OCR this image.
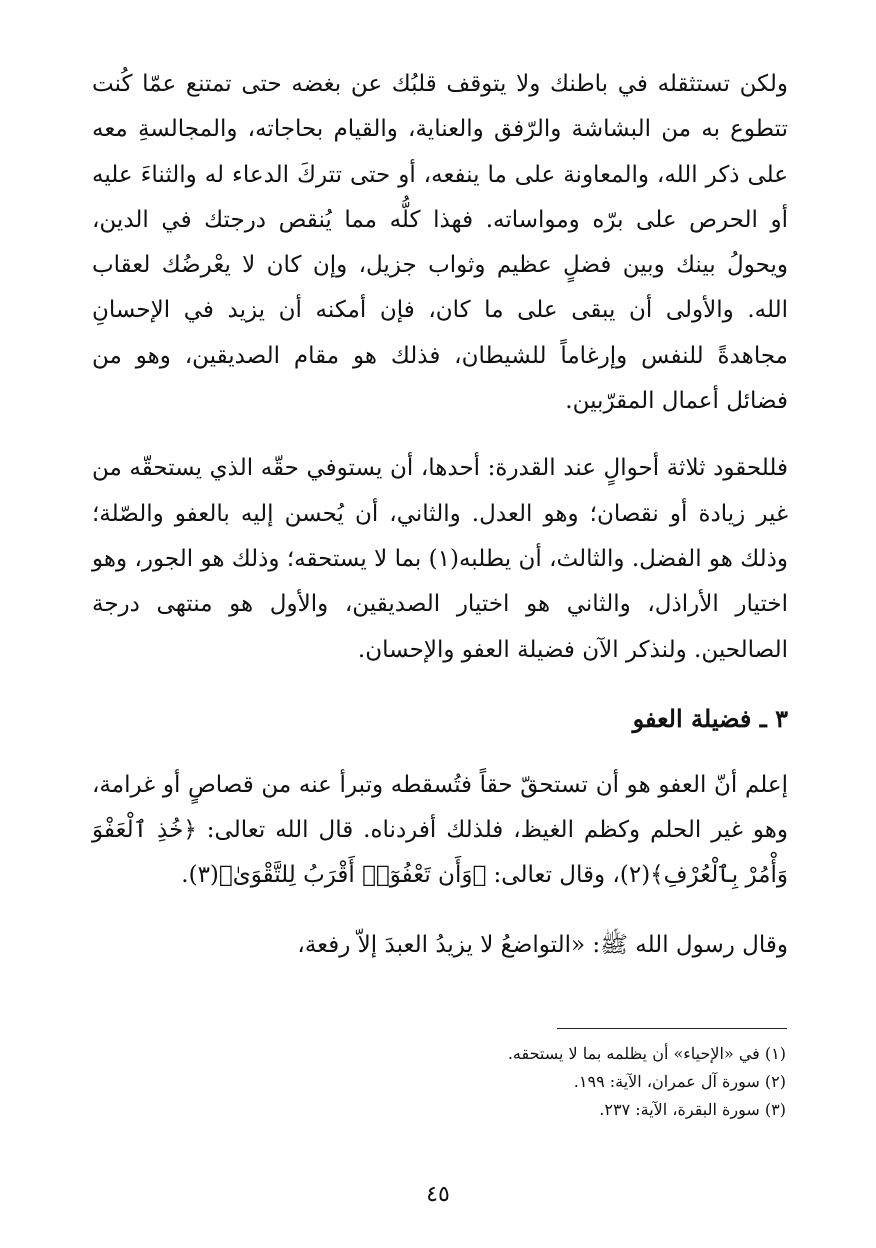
ولكن تستثقله في باطنك ولا يتوقف قلبُك عن بغضه حتى تمتنع عمّا كُنت تتطوع به من البشاشة والرّفق والعناية، والقيام بحاجاته، والمجالسةِ معه على ذكر الله، والمعاونة على ما ينفعه، أو حتى تتركَ الدعاء له والثناءَ عليه أو الحرص على برّه ومواساته. فهذا كلُّه مما يُنقص درجتك في الدين، ويحولُ بينك وبين فضلٍ عظيم وثواب جزيل، وإن كان لا يعْرضُك لعقاب الله. والأولى أن يبقى على ما كان، فإن أمكنه أن يزيد في الإحسانِ مجاهدةً للنفس وإرغاماً للشيطان، فذلك هو مقام الصديقين، وهو من فضائل أعمال المقرّبين.

فللحقود ثلاثة أحوالٍ عند القدرة: أحدها، أن يستوفي حقّه الذي يستحقّه من غير زيادة أو نقصان؛ وهو العدل. والثاني، أن يُحسن إليه بالعفو والصّلة؛ وذلك هو الفضل. والثالث، أن يطلبه(١) بما لا يستحقه؛ وذلك هو الجور، وهو اختيار الأراذل، والثاني هو اختيار الصديقين، والأول هو منتهى درجة الصالحين. ولنذكر الآن فضيلة العفو والإحسان.

٣ ـ فضيلة العفو

إعلم أنّ العفو هو أن تستحقّ حقاً فتُسقطه وتبرأ عنه من قصاصٍ أو غرامة، وهو غير الحلم وكظم الغيظ، فلذلك أفردناه. قال الله تعالى: ﴿خُذِ ٱلْعَفْوَ وَأْمُرْ بِٱلْعُرْفِ﴾(٢)، وقال تعالى: ﴿وَأَن تَعْفُوٓا۟ أَقْرَبُ لِلتَّقْوَىٰ﴾(٣).

وقال رسول الله ﷺ: «التواضعُ لا يزيدُ العبدَ إلاّ رفعة،

(١) في «الإحياء» أن يظلمه بما لا يستحقه.

(٢) سورة آل عمران، الآية: ١٩٩.

(٣) سورة البقرة، الآية: ٢٣٧.

٤٥
